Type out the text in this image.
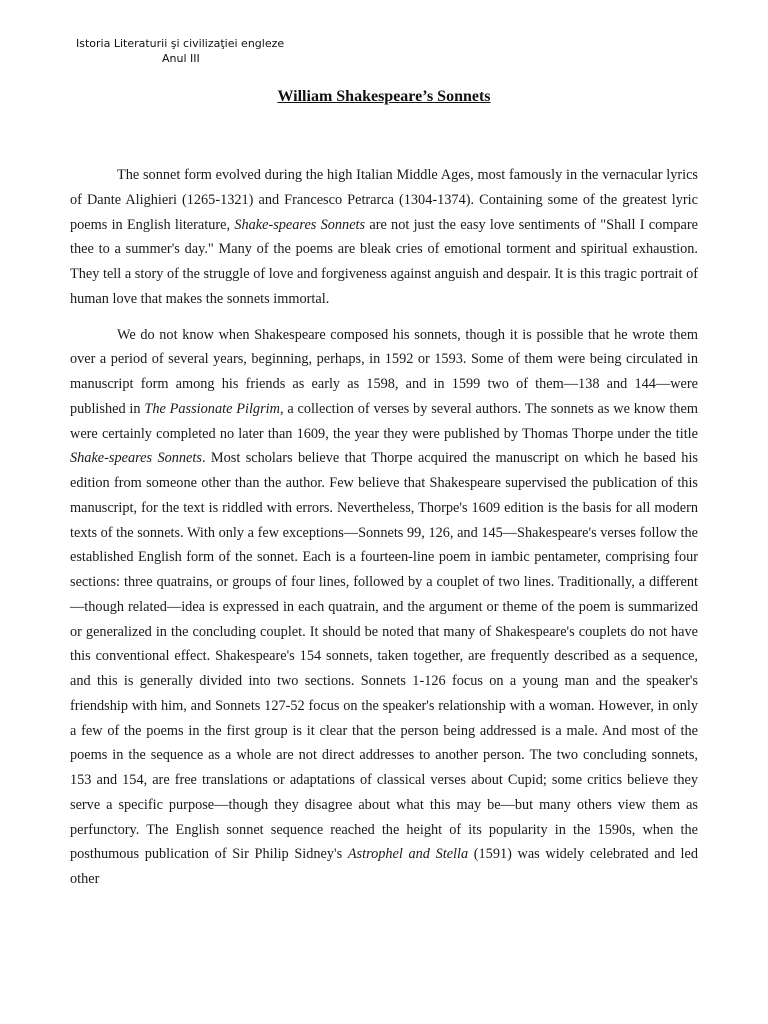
Istoria Literaturii şi civilizaţiei engleze
Anul III
William Shakespeare’s Sonnets

The sonnet form evolved during the high Italian Middle Ages, most famously in the vernacular lyrics of Dante Alighieri (1265-1321) and Francesco Petrarca (1304-1374). Containing some of the greatest lyric poems in English literature, Shake-speares Sonnets are not just the easy love sentiments of "Shall I compare thee to a summer's day." Many of the poems are bleak cries of emotional torment and spiritual exhaustion. They tell a story of the struggle of love and forgiveness against anguish and despair. It is this tragic portrait of human love that makes the sonnets immortal.

We do not know when Shakespeare composed his sonnets, though it is possible that he wrote them over a period of several years, beginning, perhaps, in 1592 or 1593. Some of them were being circulated in manuscript form among his friends as early as 1598, and in 1599 two of them—138 and 144—were published in The Passionate Pilgrim, a collection of verses by several authors. The sonnets as we know them were certainly completed no later than 1609, the year they were published by Thomas Thorpe under the title Shake-speares Sonnets. Most scholars believe that Thorpe acquired the manuscript on which he based his edition from someone other than the author. Few believe that Shakespeare supervised the publication of this manuscript, for the text is riddled with errors. Nevertheless, Thorpe's 1609 edition is the basis for all modern texts of the sonnets. With only a few exceptions—Sonnets 99, 126, and 145—Shakespeare's verses follow the established English form of the sonnet. Each is a fourteen-line poem in iambic pentameter, comprising four sections: three quatrains, or groups of four lines, followed by a couplet of two lines. Traditionally, a different—though related—idea is expressed in each quatrain, and the argument or theme of the poem is summarized or generalized in the concluding couplet. It should be noted that many of Shakespeare's couplets do not have this conventional effect. Shakespeare's 154 sonnets, taken together, are frequently described as a sequence, and this is generally divided into two sections. Sonnets 1-126 focus on a young man and the speaker's friendship with him, and Sonnets 127-52 focus on the speaker's relationship with a woman. However, in only a few of the poems in the first group is it clear that the person being addressed is a male. And most of the poems in the sequence as a whole are not direct addresses to another person. The two concluding sonnets, 153 and 154, are free translations or adaptations of classical verses about Cupid; some critics believe they serve a specific purpose—though they disagree about what this may be—but many others view them as perfunctory. The English sonnet sequence reached the height of its popularity in the 1590s, when the posthumous publication of Sir Philip Sidney's Astrophel and Stella (1591) was widely celebrated and led other
